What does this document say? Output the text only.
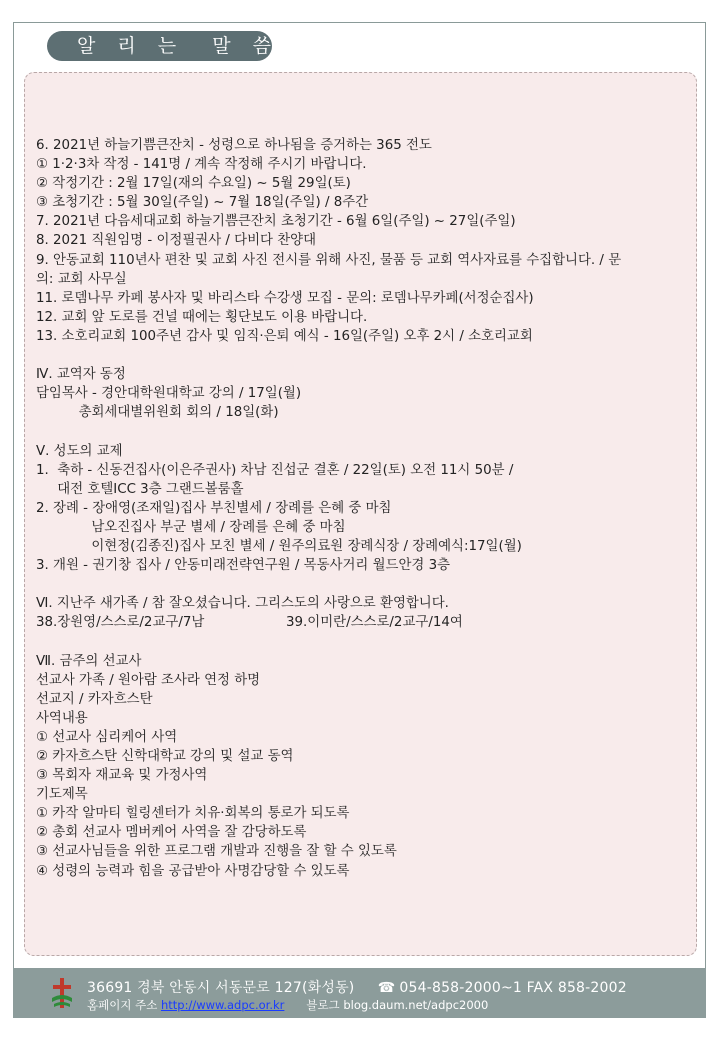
알 리 는  말 씀
6. 2021년 하늘기쁨큰잔치 - 성령으로 하나됨을 증거하는 365 전도
① 1·2·3차 작정 - 141명 / 계속 작정해 주시기 바랍니다.
② 작정기간 : 2월 17일(재의 수요일) ~ 5월 29일(토)
③ 초청기간 : 5월 30일(주일) ~ 7월 18일(주일) / 8주간
7. 2021년 다음세대교회 하늘기쁨큰잔치 초청기간 - 6월 6일(주일) ~ 27일(주일)
8. 2021 직원임명 - 이정필권사 / 다비다 찬양대
9. 안동교회 110년사 편찬 및 교회 사진 전시를 위해 사진, 물품 등 교회 역사자료를 수집합니다. / 문
의: 교회 사무실
11. 로뎀나무 카페 봉사자 및 바리스타 수강생 모집 - 문의: 로뎀나무카페(서정순집사)
12. 교회 앞 도로를 건널 때에는 횡단보도 이용 바랍니다.
13. 소호리교회 100주년 감사 및 임직·은퇴 예식 - 16일(주일) 오후 2시 / 소호리교회
Ⅳ. 교역자 동정
담임목사 - 경안대학원대학교 강의 / 17일(월)
총회세대별위원회 회의 / 18일(화)
Ⅴ. 성도의 교제
1.  축하 - 신동건집사(이은주권사) 차남 진섭군 결혼 / 22일(토) 오전 11시 50분 /
대전 호텔ICC 3층 그랜드볼룸홀
2. 장례 - 장애영(조재일)집사 부친별세 / 장례를 은혜 중 마침
남오진집사 부군 별세 / 장례를 은혜 중 마침
이현정(김종진)집사 모친 별세 / 원주의료원 장례식장 / 장례예식:17일(월)
3. 개원 - 권기창 집사 / 안동미래전략연구원 / 목동사거리 월드안경 3층
Ⅵ. 지난주 새가족 / 참 잘오셨습니다. 그리스도의 사랑으로 환영합니다.
38.장원영/스스로/2교구/7남	39.이미란/스스로/2교구/14여
Ⅶ. 금주의 선교사
선교사 가족 / 원아람 조사라 연정 하명
선교지 / 카자흐스탄
사역내용
① 선교사 심리케어 사역
② 카자흐스탄 신학대학교 강의 및 설교 동역
③ 목회자 재교육 및 가정사역
기도제목
① 카작 알마티 힐링센터가 치유·회복의 통로가 되도록
② 총회 선교사 멤버케어 사역을 잘 감당하도록
③ 선교사님들을 위한 프로그램 개발과 진행을 잘 할 수 있도록
④ 성령의 능력과 힘을 공급받아 사명감당할 수 있도록
36691 경북 안동시 서동문로 127(화성동) ☎ 054-858-2000~1 FAX 858-2002
홈페이지 주소 http://www.adpc.or.kr 블로그 blog.daum.net/adpc2000
